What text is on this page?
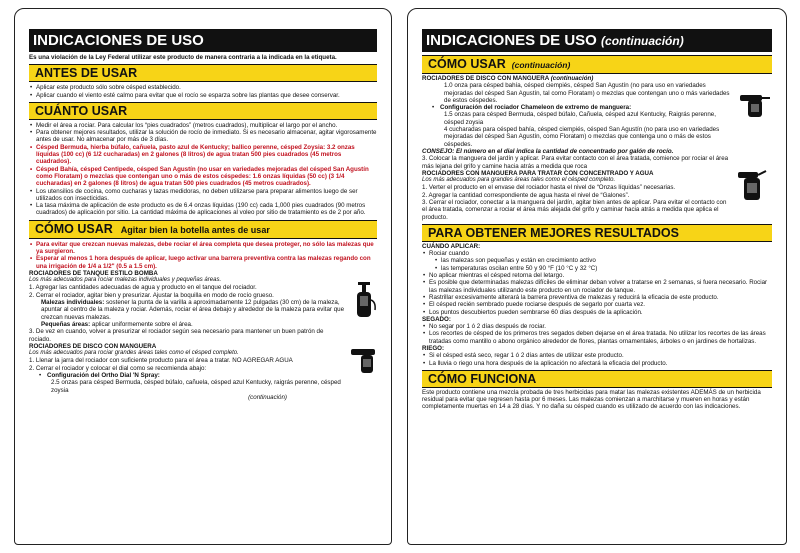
INDICACIONES DE USO
Es una violación de la Ley Federal utilizar este producto de manera contraria a la indicada en la etiqueta.
ANTES DE USAR
• Aplicar este producto sólo sobre césped establecido.
• Aplicar cuando el viento esté calmo para evitar que el rocío se esparza sobre las plantas que desee conservar.
CUÁNTO USAR
• Medir el área a rociar. Para calcular los “pies cuadrados” (metros cuadrados), multiplicar el largo por el ancho.
• Para obtener mejores resultados, utilizar la solución de rocío de inmediato. Si es necesario almacenar, agitar vigorosamente antes de usar. No almacenar por más de 3 días.
• Césped Bermuda, hierba búfalo, cañuela, pasto azul de Kentucky; ballico perenne, césped Zoysia: 3.2 onzas líquidas (100 cc) (6 1/2 cucharadas) en 2 galones (8 litros) de agua tratan 500 pies cuadrados (45 metros cuadrados).
• Césped Bahía, césped Centipede, césped San Agustín (no usar en variedades mejoradas del césped San Agustín como Floratam) o mezclas que contengan uno o más de estos céspedes: 1.6 onzas líquidas (50 cc) (3 1/4 cucharadas) en 2 galones (8 litros) de agua tratan 500 pies cuadrados (45 metros cuadrados).
• Los utensilios de cocina, como cucharas y tazas medidoras, no deben utilizarse para preparar alimentos luego de ser utilizados con insecticidas.
• La tasa máxima de aplicación de este producto es de 6.4 onzas líquidas (190 cc) cada 1,000 pies cuadrados (90 metros cuadrados) de aplicación por sitio. La cantidad máxima de aplicaciones al voleo por sitio de tratamiento es de 2 por año.
CÓMO USAR Agitar bien la botella antes de usar
• Para evitar que crezcan nuevas malezas, debe rociar el área completa que desea proteger, no sólo las malezas que ya surgieron.
• Esperar al menos 1 hora después de aplicar, luego activar una barrera preventiva contra las malezas regando con una irrigación de 1/4 a 1/2" (0.5 a 1.5 cm).
ROCIADORES DE TANQUE ESTILO BOMBA
Los más adecuados para rociar malezas individuales y pequeñas áreas.
1. Agregar las cantidades adecuadas de agua y producto en el tanque del rociador.
2. Cerrar el rociador, agitar bien y presurizar. Ajustar la boquilla en modo de rocío grueso.
Malezas individuales: sostener la punta de la varilla a aproximadamente 12 pulgadas (30 cm) de la maleza, apuntar al centro de la maleza y rociar. Además, rociar el área debajo y alrededor de la maleza para evitar que crezcan nuevas malezas.
Pequeñas áreas: aplicar uniformemente sobre el área.
3. De vez en cuando, volver a presurizar el rociador según sea necesario para mantener un buen patrón de rociado.
ROCIADORES DE DISCO CON MANGUERA
Los más adecuados para rociar grandes áreas tales como el césped completo.
1. Llenar la jarra del rociador con suficiente producto para el área a tratar. NO AGREGAR AGUA
2. Cerrar el rociador y colocar el dial como se recomienda abajo:
• Configuración del Ortho Dial 'N Spray:
2.5 onzas para césped Bermuda, césped búfalo, cañuela, césped azul Kentucky, raigrás perenne, césped zoysia
(continuación)
INDICACIONES DE USO (continuación)
CÓMO USAR (continuación)
ROCIADORES DE DISCO CON MANGUERA (continuación)
1.0 onza para césped bahía, césped ciempiés, césped San Agustín (no para uso en variedades mejoradas del césped San Agustín, tal como Floratam) o mezclas que contengan uno o más variedades de estos céspedes.
• Configuración del rociador Chameleon de extremo de manguera:
1.5 onzas para césped Bermuda, césped búfalo, Cañuela, césped azul Kentucky, Raigrás perenne, césped zoysia
4 cucharadas para césped bahía, césped ciempiés, césped San Agustín (no para uso en variedades mejoradas del césped San Agustín, como Floratam) o mezclas que contenga uno o más de estos céspedes.
CONSEJO: El número en el dial indica la cantidad de concentrado por galón de rocío.
3. Colocar la manguera del jardín y aplicar. Para evitar contacto con el área tratada, comience por rociar el área más lejana del grifo y camine hacia atrás a medida que roca
ROCIADORES CON MANGUERA PARA TRATAR CON CONCENTRADO Y AGUA
Los más adecuados para grandes áreas tales como el césped completo.
1. Verter el producto en el envase del rociador hasta el nivel de “Onzas líquidas” necesarias.
2. Agregar la cantidad correspondiente de agua hasta el nivel de “Galones”.
3. Cerrar el rociador, conectar a la manguera del jardín, agitar bien antes de aplicar. Para evitar el contacto con el área tratada, comenzar a rociar el área más alejada del grifo y caminar hacia atrás a medida que aplica el producto.
PARA OBTENER MEJORES RESULTADOS
CUÁNDO APLICAR:
• Rociar cuando
• las malezas son pequeñas y están en crecimiento activo
• las temperaturas oscilan entre 50 y 90 °F (10 °C y 32 °C)
• No aplicar mientras el césped retorna del letargo.
• Es posible que determinadas malezas difíciles de eliminar deban volver a tratarse en 2 semanas, si fuera necesario. Rociar las malezas individuales utilizando este producto en un rociador de tanque.
• Rastrillar excesivamente alterará la barrera preventiva de malezas y reducirá la eficacia de este producto.
• El césped recién sembrado puede rociarse después de segarlo por cuarta vez.
• Los puntos descubiertos pueden sembrarse 60 días después de la aplicación.
SEGADO:
• No segar por 1 ó 2 días después de rociar.
• Los recortes de césped de los primeros tres segados deben dejarse en el área tratada. No utilizar los recortes de las áreas tratadas como mantillo o abono orgánico alrededor de flores, plantas ornamentales, árboles o en jardines de hortalizas.
RIEGO:
• Si el césped está seco, regar 1 ó 2 días antes de utilizar este producto.
• La lluvia o riego una hora después de la aplicación no afectará la eficacia del producto.
CÓMO FUNCIONA
Este producto contiene una mezcla probada de tres herbicidas para matar las malezas existentes ADEMÁS de un herbicida residual para evitar que regresen hasta por 6 meses. Las malezas comienzan a marchitarse y mueren en horas y están completamente muertas en 14 a 28 días. Y no daña su césped cuando es utilizado de acuerdo con las indicaciones.
